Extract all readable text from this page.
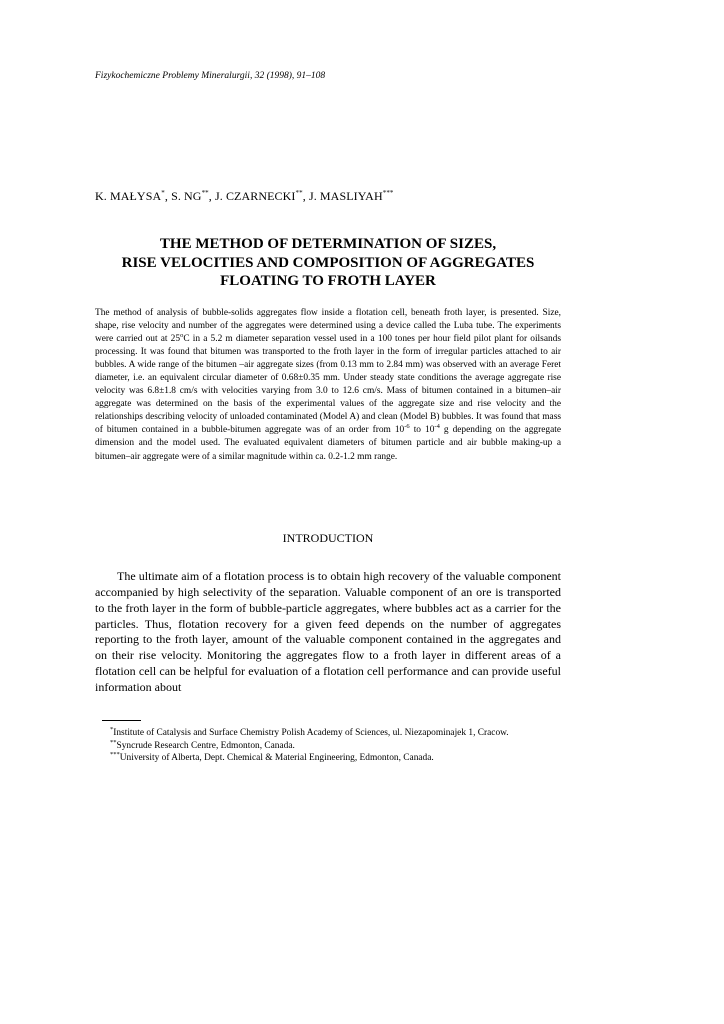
Fizykochemiczne Problemy Mineralurgii, 32 (1998), 91–108
K. MAŁYSA*, S. NG**, J. CZARNECKI**, J. MASLIYAH***
THE METHOD OF DETERMINATION OF SIZES,
RISE VELOCITIES AND COMPOSITION OF AGGREGATES
FLOATING TO FROTH LAYER

The method of analysis of bubble-solids aggregates flow inside a flotation cell, beneath froth layer, is presented. Size, shape, rise velocity and number of the aggregates were determined using a device called the Luba tube. The experiments were carried out at 25$^o$C in a 5.2 m diameter separation vessel used in a 100 tones per hour field pilot plant for oilsands processing. It was found that bitumen was transported to the froth layer in the form of irregular particles attached to air bubbles. A wide range of the bitumen –air aggregate sizes (from 0.13 mm to 2.84 mm) was observed with an average Feret diameter, i.e. an equivalent circular diameter of 0.68±0.35 mm. Under steady state conditions the average aggregate rise velocity was 6.8±1.8 cm/s with velocities varying from 3.0 to 12.6 cm/s. Mass of bitumen contained in a bitumen–air aggregate was determined on the basis of the experimental values of the aggregate size and rise velocity and the relationships describing velocity of unloaded contaminated (Model A) and clean (Model B) bubbles. It was found that mass of bitumen contained in a bubble-bitumen aggregate was of an order from $10^{-6}$ to $10^{-4}$ g depending on the aggregate dimension and the model used. The evaluated equivalent diameters of bitumen particle and air bubble making-up a bitumen–air aggregate were of a similar magnitude within ca. 0.2-1.2 mm range.

INTRODUCTION

The ultimate aim of a flotation process is to obtain high recovery of the valuable component accompanied by high selectivity of the separation. Valuable component of an ore is transported to the froth layer in the form of bubble-particle aggregates, where bubbles act as a carrier for the particles. Thus, flotation recovery for a given feed depends on the number of aggregates reporting to the froth layer, amount of the valuable component contained in the aggregates and on their rise velocity. Monitoring the aggregates flow to a froth layer in different areas of a flotation cell can be helpful for evaluation of a flotation cell performance and can provide useful information about

*Institute of Catalysis and Surface Chemistry Polish Academy of Sciences, ul. Niezapominajek 1, Cracow.

**Syncrude Research Centre, Edmonton, Canada.

***University of Alberta, Dept. Chemical & Material Engineering, Edmonton, Canada.
